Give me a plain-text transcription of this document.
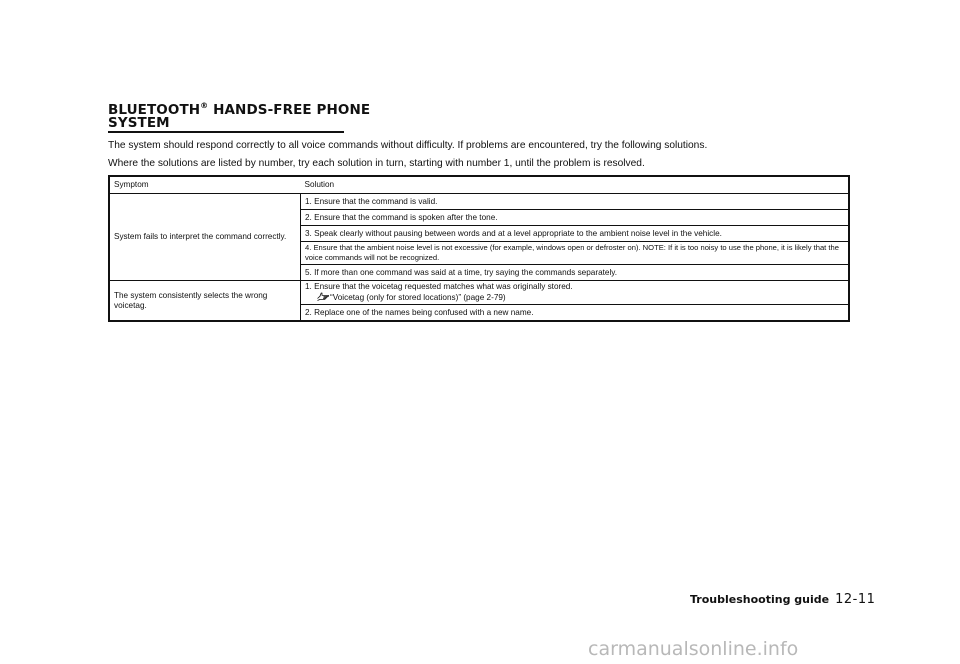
BLUETOOTH® HANDS-FREE PHONE
SYSTEM
The system should respond correctly to all voice commands without difficulty. If problems are encountered, try the following solutions.
Where the solutions are listed by number, try each solution in turn, starting with number 1, until the problem is resolved.
Symptom	Solution
System fails to interpret the command correctly.	1. Ensure that the command is valid.
	2. Ensure that the command is spoken after the tone.
	3. Speak clearly without pausing between words and at a level appropriate to the ambient noise level in the vehicle.
	4. Ensure that the ambient noise level is not excessive (for example, windows open or defroster on). NOTE: If it is too noisy to use the phone, it is likely that the voice commands will not be recognized.
	5. If more than one command was said at a time, try saying the commands separately.
The system consistently selects the wrong voicetag.	1. Ensure that the voicetag requested matches what was originally stored.
“Voicetag (only for stored locations)” (page 2-79)

	2. Replace one of the names being confused with a new name.
Troubleshooting guide 12-11
carmanualsonline.info
